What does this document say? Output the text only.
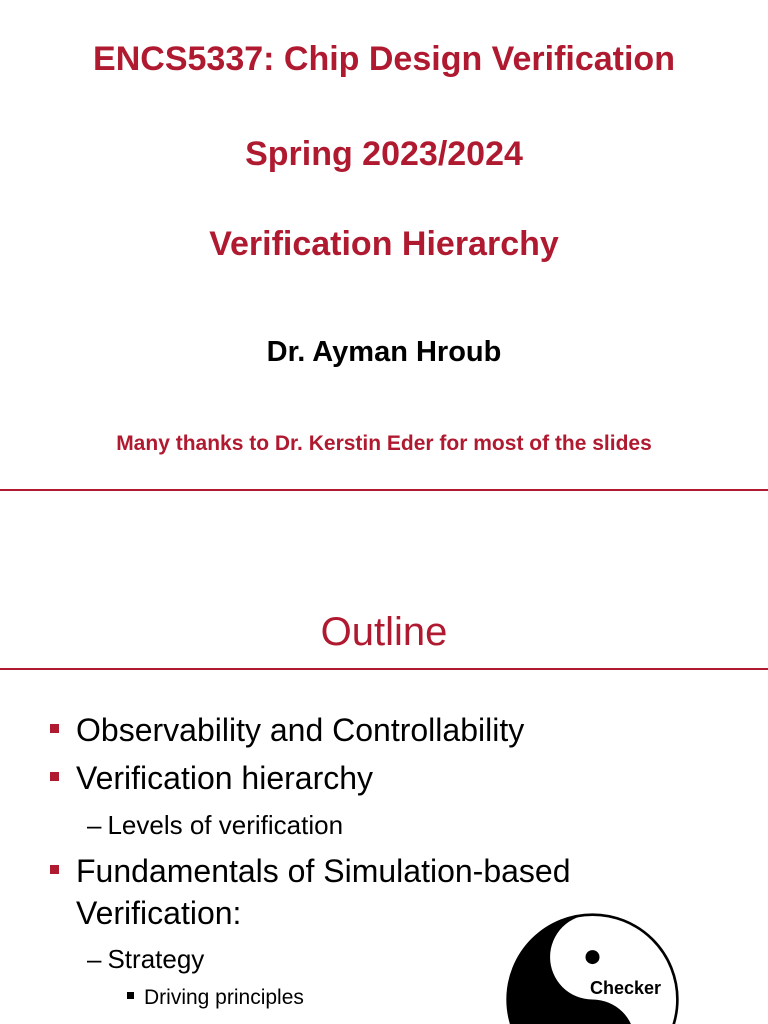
ENCS5337: Chip Design Verification
Spring 2023/2024
Verification Hierarchy
Dr. Ayman Hroub
Many thanks to Dr. Kerstin Eder for most of the slides
Outline
Observability and Controllability
Verification hierarchy
– Levels of verification
Fundamentals of Simulation-based
Verification:
– Strategy
Driving principles	Checker
